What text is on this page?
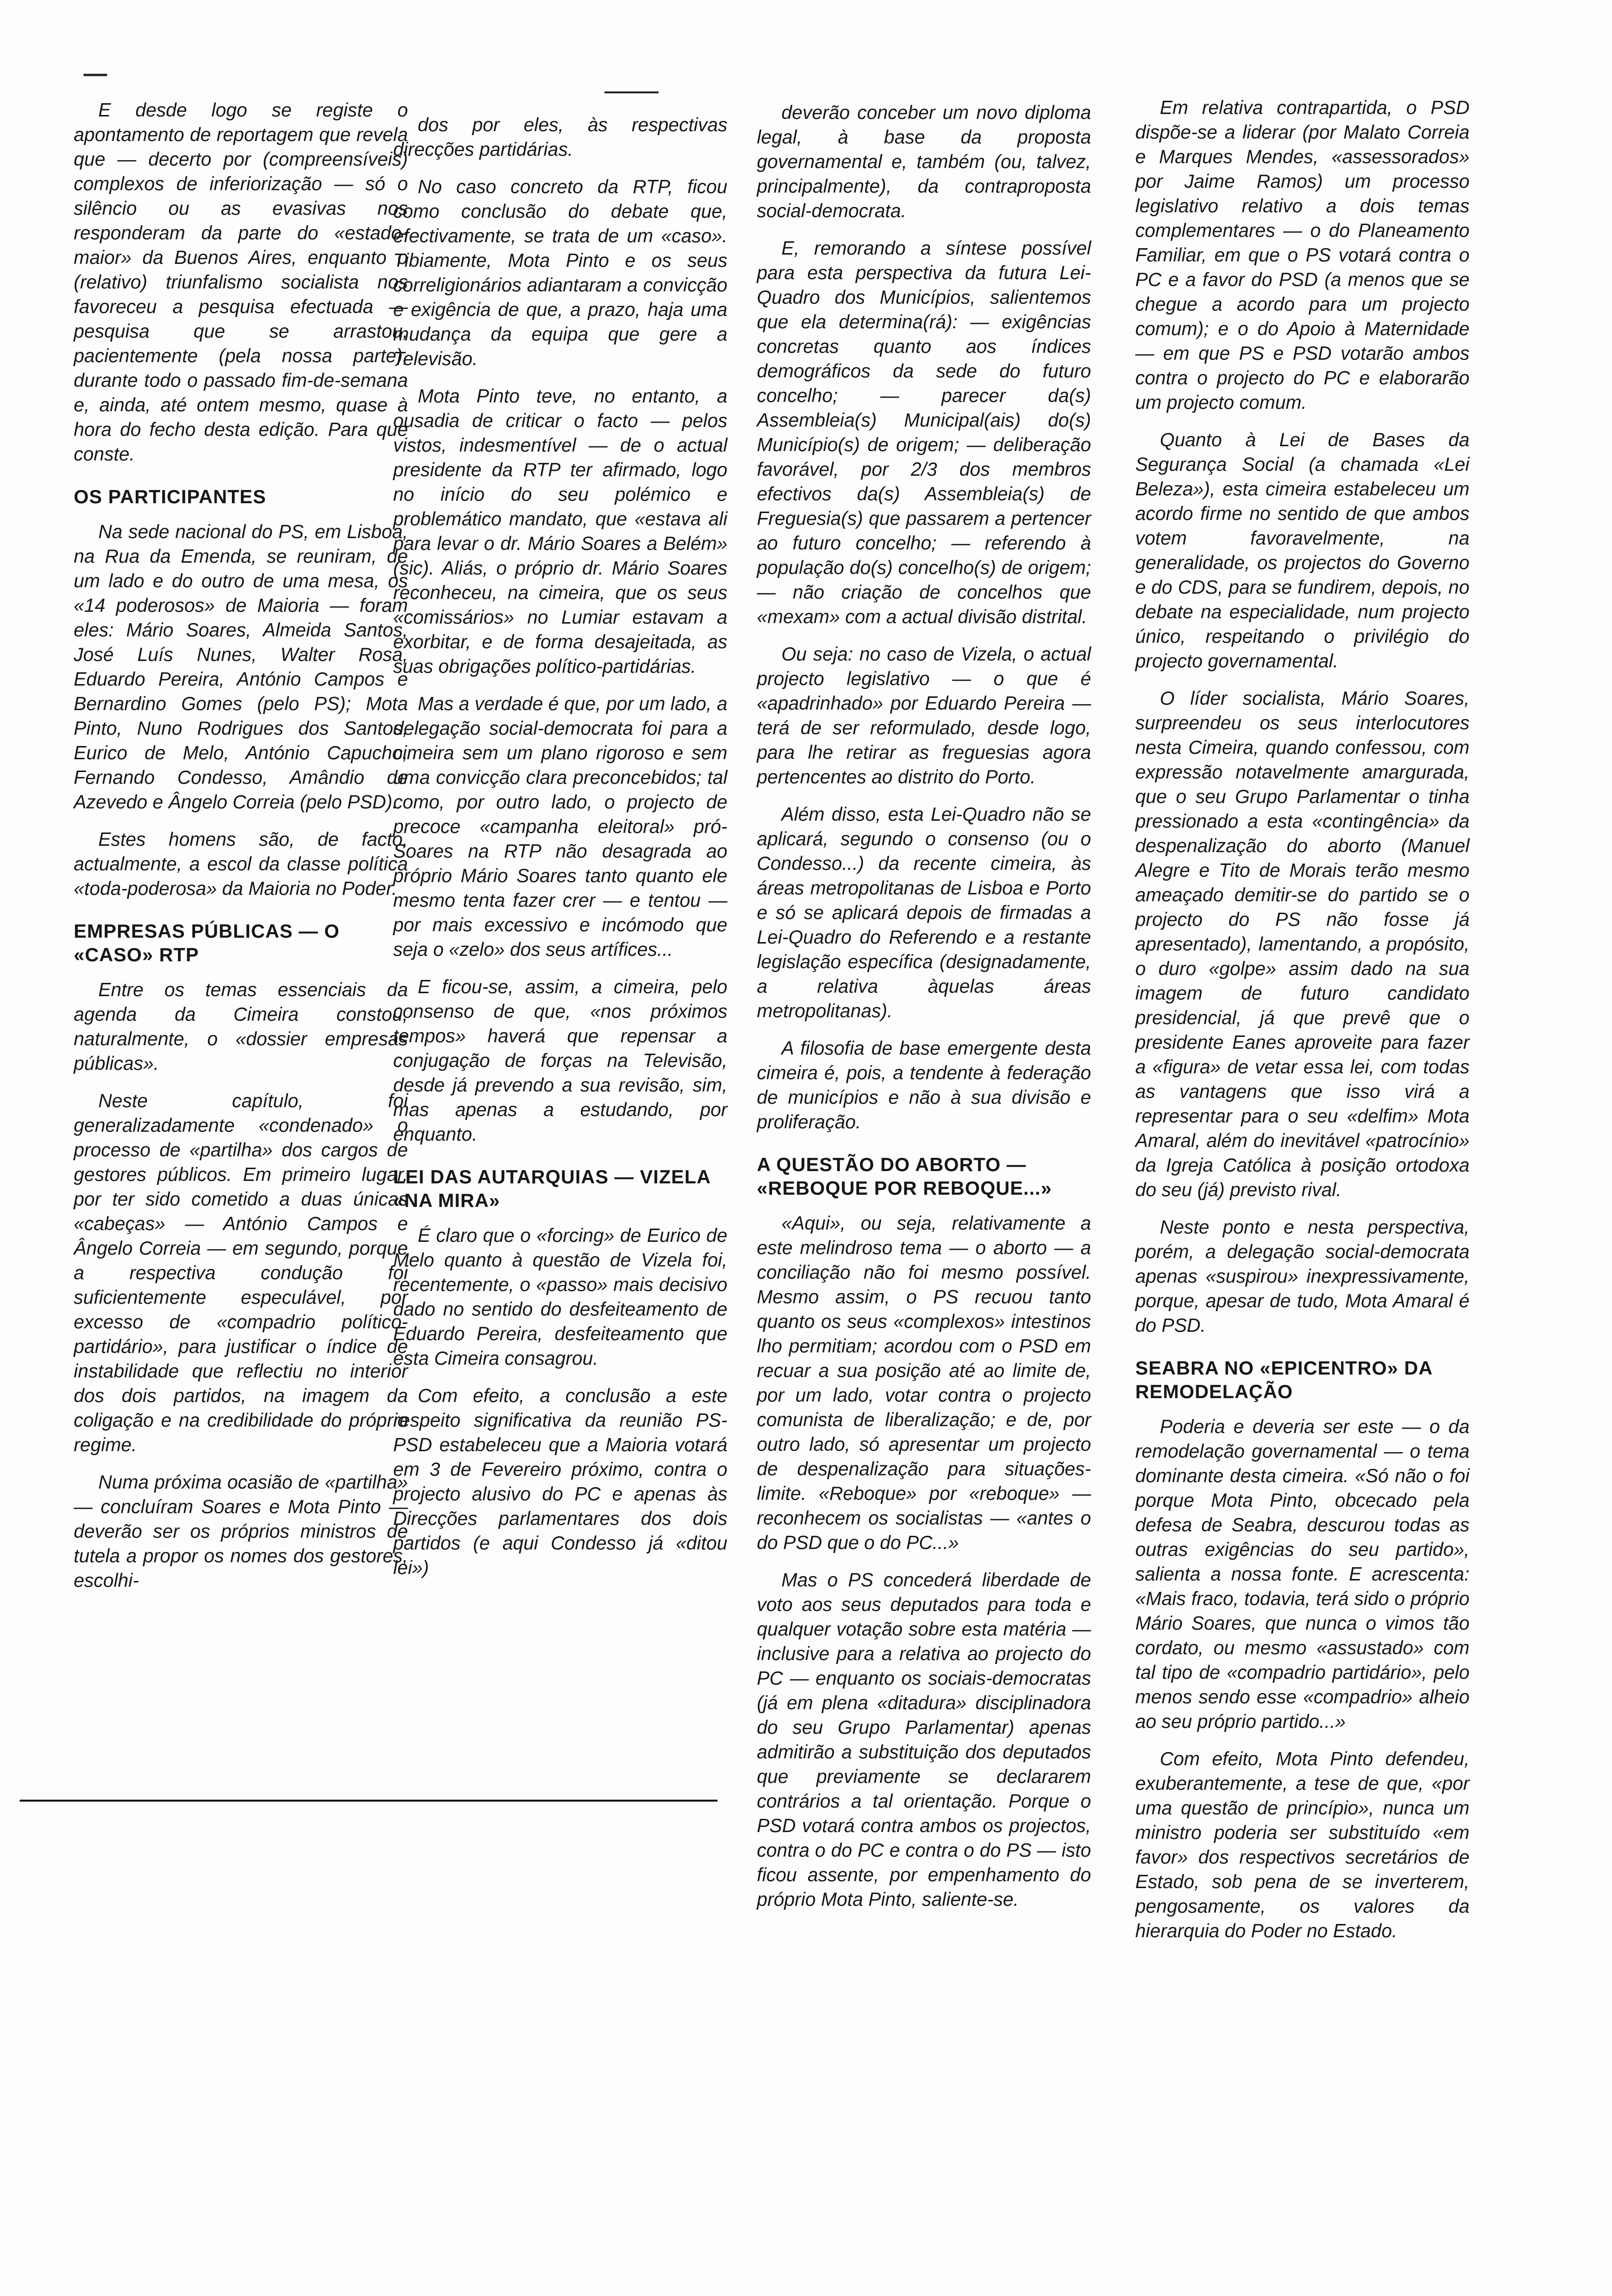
E desde logo se registe o apontamento de reportagem que revela que — decerto por (compreensíveis) complexos de inferiorização — só o silêncio ou as evasivas nos responderam da parte do «estado-maior» da Buenos Aires, enquanto o (relativo) triunfalismo socialista nos favoreceu a pesquisa efectuada — pesquisa que se arrastou, pacientemente (pela nossa parte), durante todo o passado fim-de-semana e, ainda, até ontem mesmo, quase à hora do fecho desta edição. Para que conste.

OS PARTICIPANTES

Na sede nacional do PS, em Lisboa, na Rua da Emenda, se reuniram, de um lado e do outro de uma mesa, os «14 poderosos» de Maioria — foram eles: Mário Soares, Almeida Santos, José Luís Nunes, Walter Rosa, Eduardo Pereira, António Campos e Bernardino Gomes (pelo PS); Mota Pinto, Nuno Rodrigues dos Santos, Eurico de Melo, António Capucho, Fernando Condesso, Amândio de Azevedo e Ângelo Correia (pelo PSD).

Estes homens são, de facto, actualmente, a escol da classe política «toda-poderosa» da Maioria no Poder.

EMPRESAS PÚBLICAS — O «CASO» RTP

Entre os temas essenciais da agenda da Cimeira constou, naturalmente, o «dossier empresas públicas».

Neste capítulo, foi generalizadamente «condenado» o processo de «partilha» dos cargos de gestores públicos. Em primeiro lugar, por ter sido cometido a duas únicas «cabeças» — António Campos e Ângelo Correia — em segundo, porque a respectiva condução foi suficientemente especulável, por excesso de «compadrio político-partidário», para justificar o índice de instabilidade que reflectiu no interior dos dois partidos, na imagem da coligação e na credibilidade do próprio regime.

Numa próxima ocasião de «partilha» — concluíram Soares e Mota Pinto — deverão ser os próprios ministros de tutela a propor os nomes dos gestores, escolhi-

dos por eles, às respectivas direcções partidárias.

No caso concreto da RTP, ficou como conclusão do debate que, efectivamente, se trata de um «caso». Tibiamente, Mota Pinto e os seus correligionários adiantaram a convicção e exigência de que, a prazo, haja uma mudança da equipa que gere a Televisão.

Mota Pinto teve, no entanto, a ousadia de criticar o facto — pelos vistos, indesmentível — de o actual presidente da RTP ter afirmado, logo no início do seu polémico e problemático mandato, que «estava ali para levar o dr. Mário Soares a Belém» (sic). Aliás, o próprio dr. Mário Soares reconheceu, na cimeira, que os seus «comissários» no Lumiar estavam a exorbitar, e de forma desajeitada, as suas obrigações político-partidárias.

Mas a verdade é que, por um lado, a delegação social-democrata foi para a cimeira sem um plano rigoroso e sem uma convicção clara preconcebidos; tal como, por outro lado, o projecto de precoce «campanha eleitoral» pró-Soares na RTP não desagrada ao próprio Mário Soares tanto quanto ele mesmo tenta fazer crer — e tentou — por mais excessivo e incómodo que seja o «zelo» dos seus artífices...

E ficou-se, assim, a cimeira, pelo consenso de que, «nos próximos tempos» haverá que repensar a conjugação de forças na Televisão, desde já prevendo a sua revisão, sim, mas apenas a estudando, por enquanto.

LEI DAS AUTARQUIAS — VIZELA «NA MIRA»

É claro que o «forcing» de Eurico de Melo quanto à questão de Vizela foi, recentemente, o «passo» mais decisivo dado no sentido do desfeiteamento de Eduardo Pereira, desfeiteamento que esta Cimeira consagrou.

Com efeito, a conclusão a este respeito significativa da reunião PS-PSD estabeleceu que a Maioria votará em 3 de Fevereiro próximo, contra o projecto alusivo do PC e apenas às Direcções parlamentares dos dois partidos (e aqui Condesso já «ditou lei»)

deverão conceber um novo diploma legal, à base da proposta governamental e, também (ou, talvez, principalmente), da contraproposta social-democrata.

E, remorando a síntese possível para esta perspectiva da futura Lei-Quadro dos Municípios, salientemos que ela determina(rá): — exigências concretas quanto aos índices demográficos da sede do futuro concelho; — parecer da(s) Assembleia(s) Municipal(ais) do(s) Município(s) de origem; — deliberação favorável, por 2/3 dos membros efectivos da(s) Assembleia(s) de Freguesia(s) que passarem a pertencer ao futuro concelho; — referendo à população do(s) concelho(s) de origem; — não criação de concelhos que «mexam» com a actual divisão distrital.

Ou seja: no caso de Vizela, o actual projecto legislativo — o que é «apadrinhado» por Eduardo Pereira — terá de ser reformulado, desde logo, para lhe retirar as freguesias agora pertencentes ao distrito do Porto.

Além disso, esta Lei-Quadro não se aplicará, segundo o consenso (ou o Condesso...) da recente cimeira, às áreas metropolitanas de Lisboa e Porto e só se aplicará depois de firmadas a Lei-Quadro do Referendo e a restante legislação específica (designadamente, a relativa àquelas áreas metropolitanas).

A filosofia de base emergente desta cimeira é, pois, a tendente à federação de municípios e não à sua divisão e proliferação.

A QUESTÃO DO ABORTO — «REBOQUE POR REBOQUE...»

«Aqui», ou seja, relativamente a este melindroso tema — o aborto — a conciliação não foi mesmo possível. Mesmo assim, o PS recuou tanto quanto os seus «complexos» intestinos lho permitiam; acordou com o PSD em recuar a sua posição até ao limite de, por um lado, votar contra o projecto comunista de liberalização; e de, por outro lado, só apresentar um projecto de despenalização para situações-limite. «Reboque» por «reboque» — reconhecem os socialistas — «antes o do PSD que o do PC...»

Mas o PS concederá liberdade de voto aos seus deputados para toda e qualquer votação sobre esta matéria — inclusive para a relativa ao projecto do PC — enquanto os sociais-democratas (já em plena «ditadura» disciplinadora do seu Grupo Parlamentar) apenas admitirão a substituição dos deputados que previamente se declararem contrários a tal orientação. Porque o PSD votará contra ambos os projectos, contra o do PC e contra o do PS — isto ficou assente, por empenhamento do próprio Mota Pinto, saliente-se.

Em relativa contrapartida, o PSD dispõe-se a liderar (por Malato Correia e Marques Mendes, «assessorados» por Jaime Ramos) um processo legislativo relativo a dois temas complementares — o do Planeamento Familiar, em que o PS votará contra o PC e a favor do PSD (a menos que se chegue a acordo para um projecto comum); e o do Apoio à Maternidade — em que PS e PSD votarão ambos contra o projecto do PC e elaborarão um projecto comum.

Quanto à Lei de Bases da Segurança Social (a chamada «Lei Beleza»), esta cimeira estabeleceu um acordo firme no sentido de que ambos votem favoravelmente, na generalidade, os projectos do Governo e do CDS, para se fundirem, depois, no debate na especialidade, num projecto único, respeitando o privilégio do projecto governamental.

O líder socialista, Mário Soares, surpreendeu os seus interlocutores nesta Cimeira, quando confessou, com expressão notavelmente amargurada, que o seu Grupo Parlamentar o tinha pressionado a esta «contingência» da despenalização do aborto (Manuel Alegre e Tito de Morais terão mesmo ameaçado demitir-se do partido se o projecto do PS não fosse já apresentado), lamentando, a propósito, o duro «golpe» assim dado na sua imagem de futuro candidato presidencial, já que prevê que o presidente Eanes aproveite para fazer a «figura» de vetar essa lei, com todas as vantagens que isso virá a representar para o seu «delfim» Mota Amaral, além do inevitável «patrocínio» da Igreja Católica à posição ortodoxa do seu (já) previsto rival.

Neste ponto e nesta perspectiva, porém, a delegação social-democrata apenas «suspirou» inexpressivamente, porque, apesar de tudo, Mota Amaral é do PSD.

SEABRA NO «EPICENTRO» DA REMODELAÇÃO

Poderia e deveria ser este — o da remodelação governamental — o tema dominante desta cimeira. «Só não o foi porque Mota Pinto, obcecado pela defesa de Seabra, descurou todas as outras exigências do seu partido», salienta a nossa fonte. E acrescenta: «Mais fraco, todavia, terá sido o próprio Mário Soares, que nunca o vimos tão cordato, ou mesmo «assustado» com tal tipo de «compadrio partidário», pelo menos sendo esse «compadrio» alheio ao seu próprio partido...»

Com efeito, Mota Pinto defendeu, exuberantemente, a tese de que, «por uma questão de princípio», nunca um ministro poderia ser substituído «em favor» dos respectivos secretários de Estado, sob pena de se inverterem, pengosamente, os valores da hierarquia do Poder no Estado.
